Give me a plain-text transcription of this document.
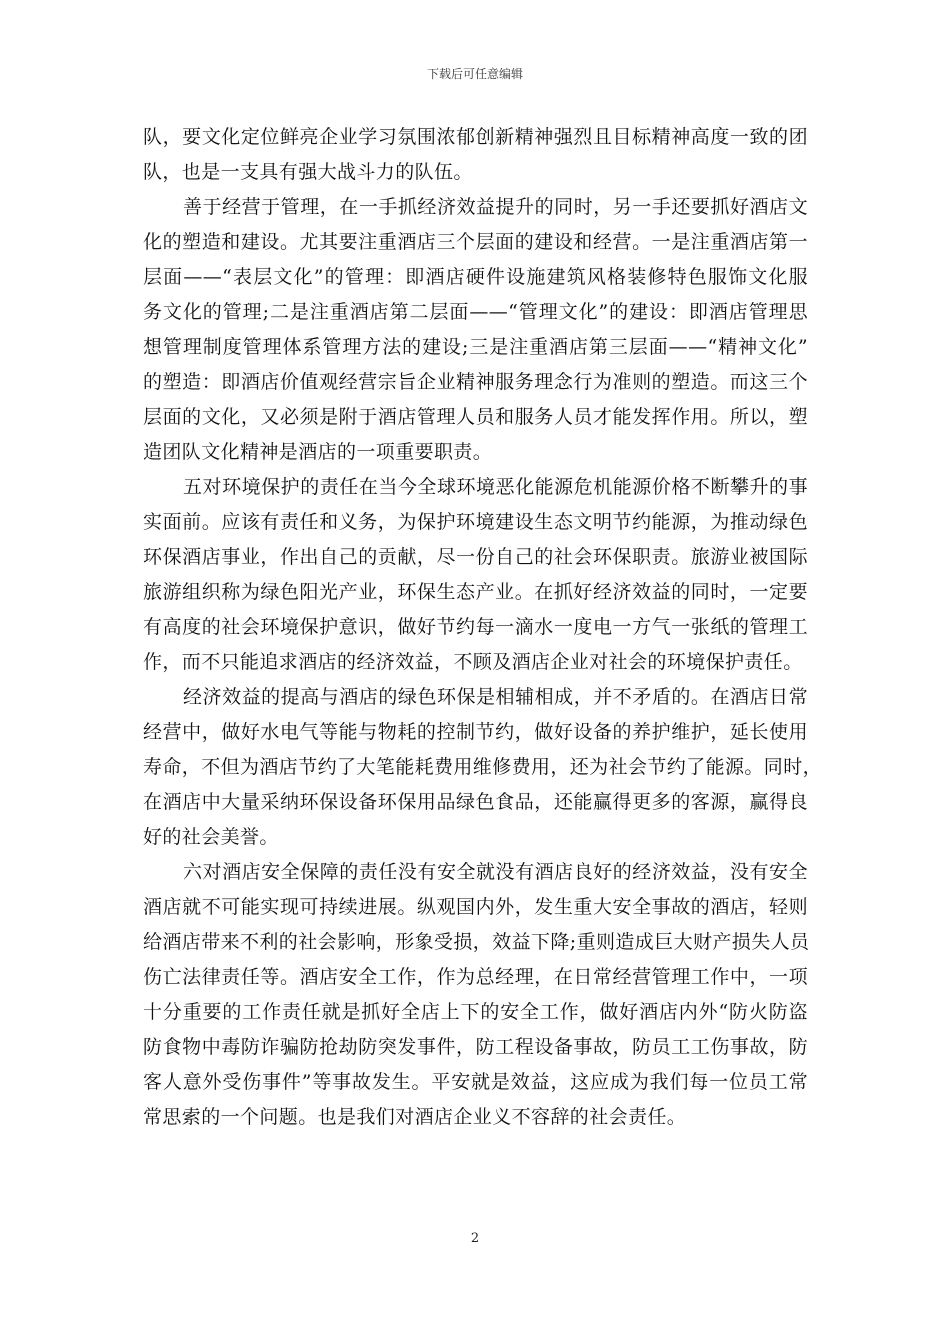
下载后可任意编辑

队，要文化定位鲜亮企业学习氛围浓郁创新精神强烈且目标精神高度一致的团
队，也是一支具有强大战斗力的队伍。

善于经营于管理，在一手抓经济效益提升的同时，另一手还要抓好酒店文
化的塑造和建设。尤其要注重酒店三个层面的建设和经营。一是注重酒店第一
层面——“表层文化”的管理：即酒店硬件设施建筑风格装修特色服饰文化服
务文化的管理;二是注重酒店第二层面——“管理文化”的建设：即酒店管理思
想管理制度管理体系管理方法的建设;三是注重酒店第三层面——“精神文化”
的塑造：即酒店价值观经营宗旨企业精神服务理念行为准则的塑造。而这三个
层面的文化，又必须是附于酒店管理人员和服务人员才能发挥作用。所以，塑
造团队文化精神是酒店的一项重要职责。

五对环境保护的责任在当今全球环境恶化能源危机能源价格不断攀升的事
实面前。应该有责任和义务，为保护环境建设生态文明节约能源，为推动绿色
环保酒店事业，作出自己的贡献，尽一份自己的社会环保职责。旅游业被国际
旅游组织称为绿色阳光产业，环保生态产业。在抓好经济效益的同时，一定要
有高度的社会环境保护意识，做好节约每一滴水一度电一方气一张纸的管理工
作，而不只能追求酒店的经济效益，不顾及酒店企业对社会的环境保护责任。

经济效益的提高与酒店的绿色环保是相辅相成，并不矛盾的。在酒店日常
经营中，做好水电气等能与物耗的控制节约，做好设备的养护维护，延长使用
寿命，不但为酒店节约了大笔能耗费用维修费用，还为社会节约了能源。同时，
在酒店中大量采纳环保设备环保用品绿色食品，还能赢得更多的客源，赢得良
好的社会美誉。

六对酒店安全保障的责任没有安全就没有酒店良好的经济效益，没有安全
酒店就不可能实现可持续进展。纵观国内外，发生重大安全事故的酒店，轻则
给酒店带来不利的社会影响，形象受损，效益下降;重则造成巨大财产损失人员
伤亡法律责任等。酒店安全工作，作为总经理，在日常经营管理工作中，一项
十分重要的工作责任就是抓好全店上下的安全工作，做好酒店内外“防火防盗
防食物中毒防诈骗防抢劫防突发事件，防工程设备事故，防员工工伤事故，防
客人意外受伤事件”等事故发生。平安就是效益，这应成为我们每一位员工常
常思索的一个问题。也是我们对酒店企业义不容辞的社会责任。

2
